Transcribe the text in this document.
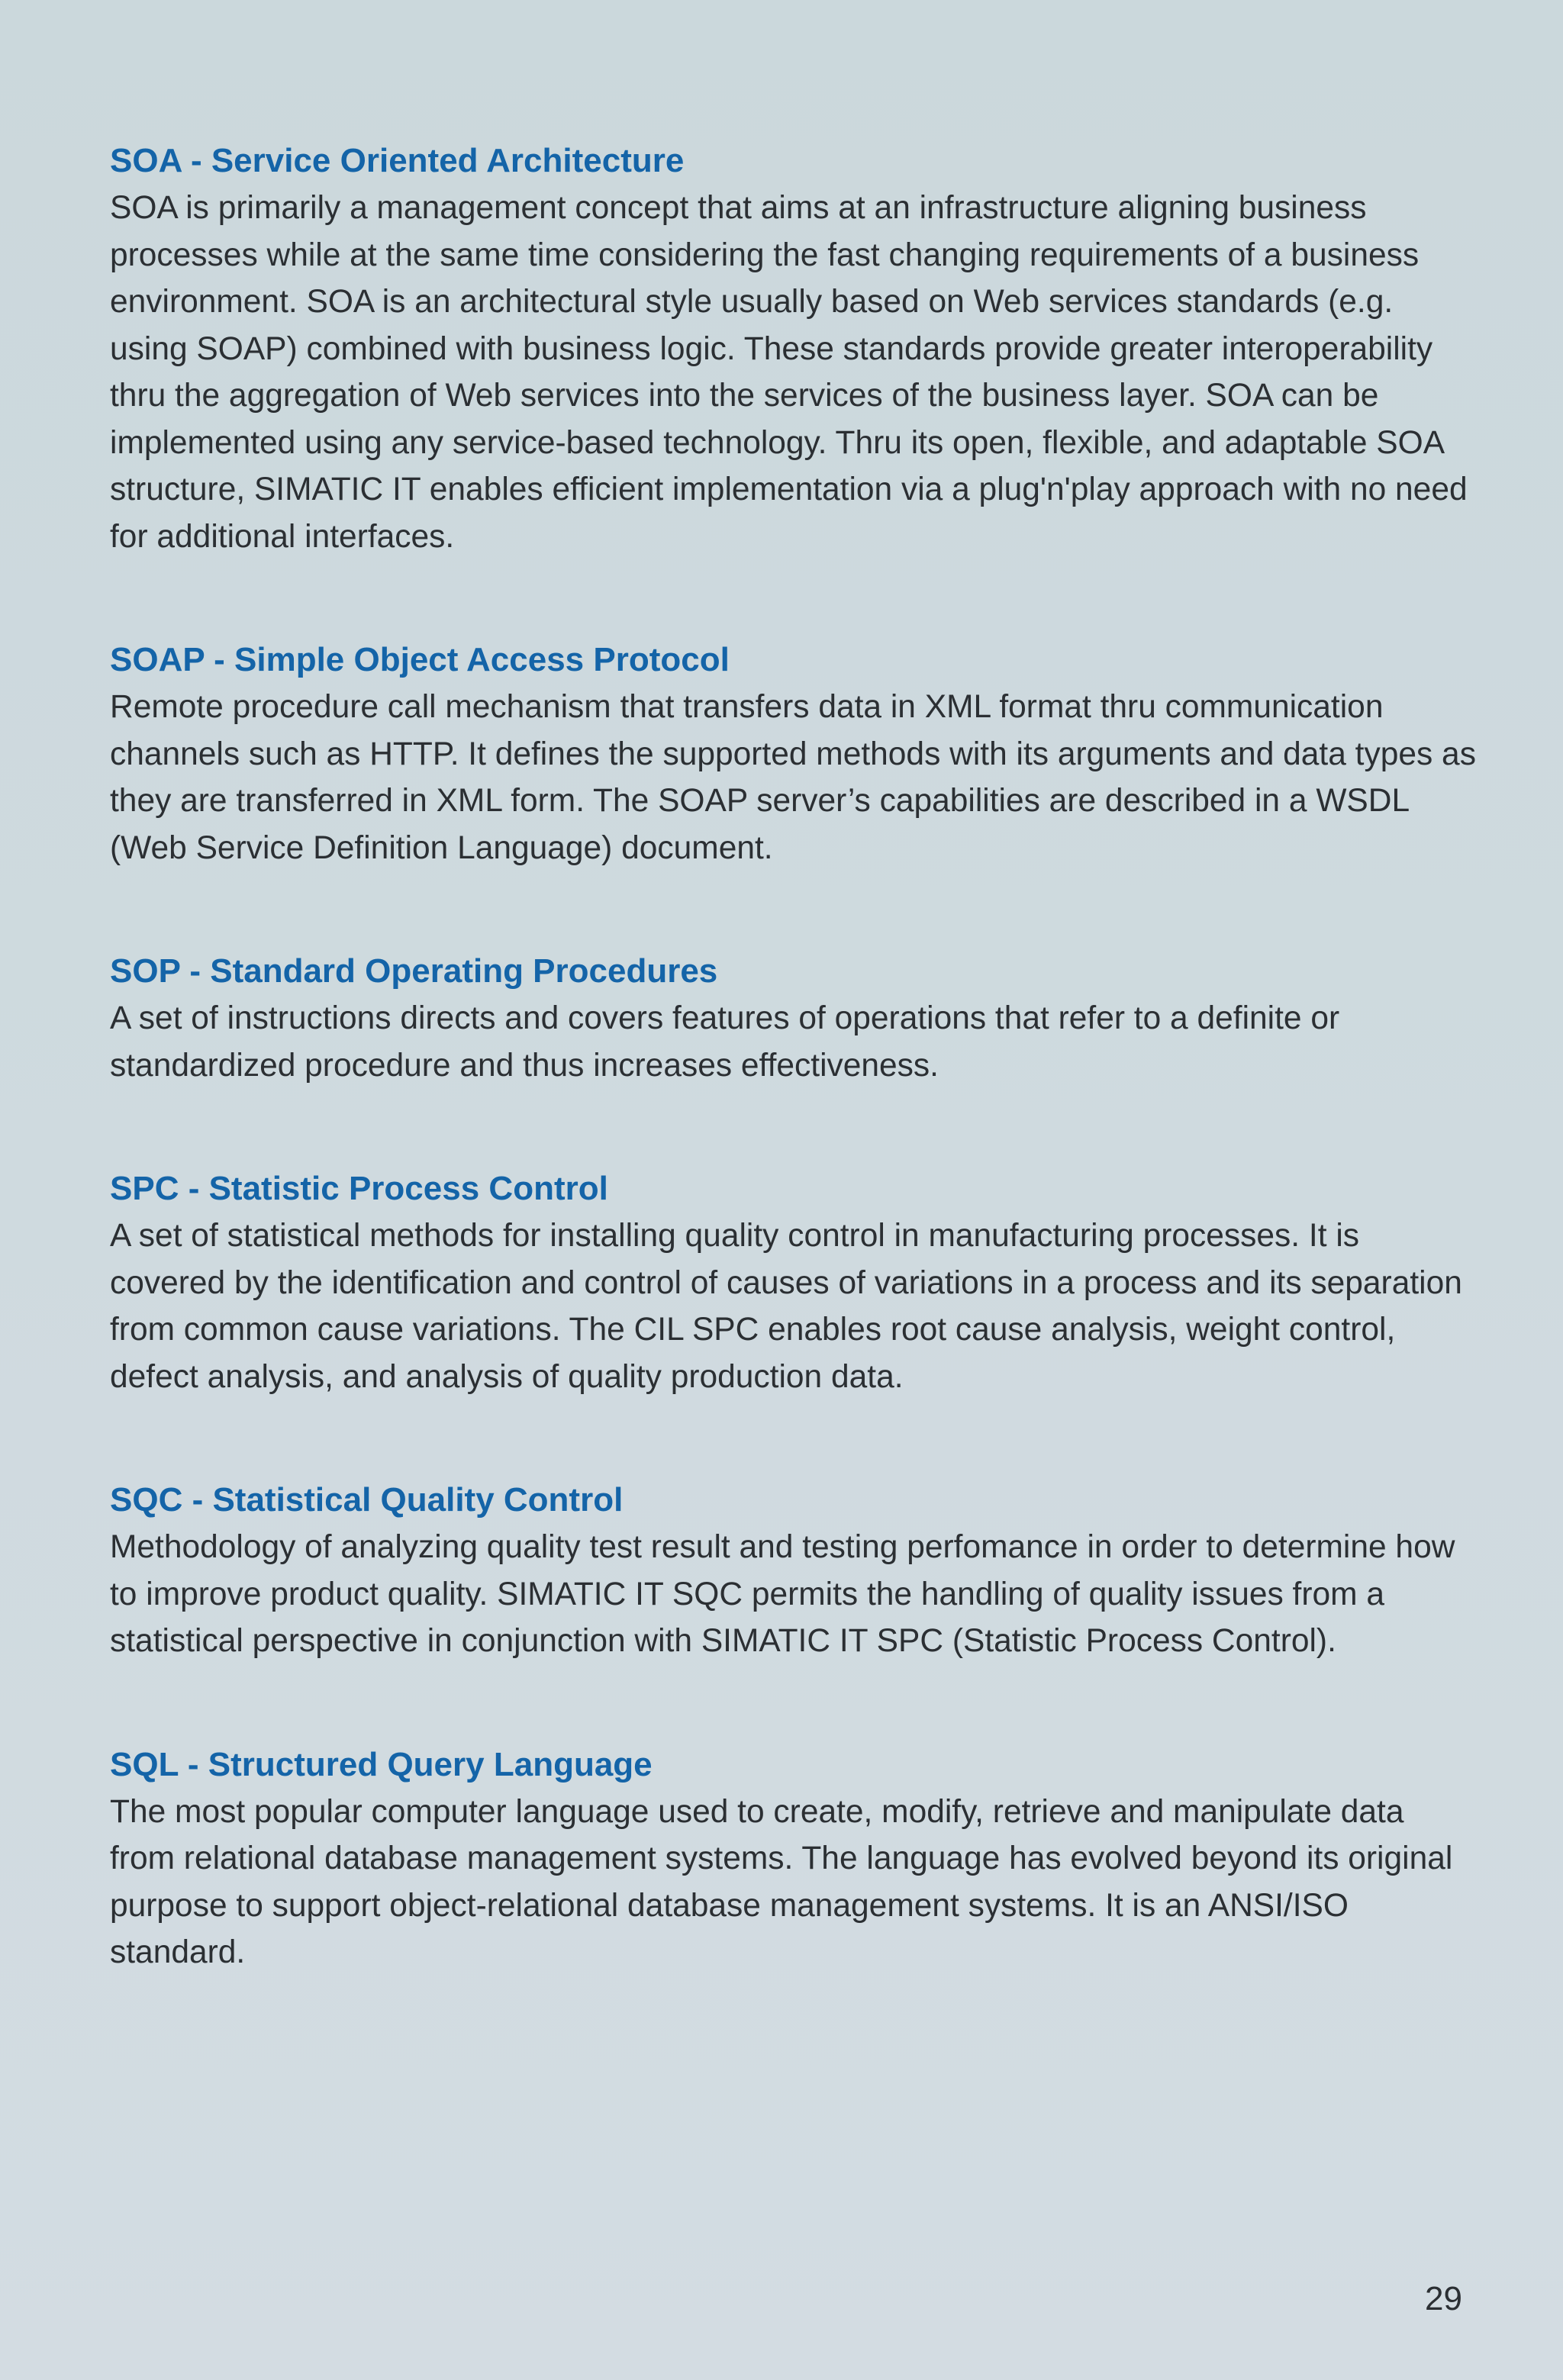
SOA - Service Oriented Architecture

SOA is primarily a management concept that aims at an infrastructure aligning business processes while at the same time considering the fast changing requirements of a business environment. SOA is an architectural style usually based on Web services standards (e.g. using SOAP) combined with business logic. These standards provide greater interoperability thru the aggregation of Web services into the services of the business layer. SOA can be implemented using any service-based technology. Thru its open, flexible, and adaptable SOA structure, SIMATIC IT enables efficient implementation via a plug'n'play approach with no need for additional interfaces.

SOAP - Simple Object Access Protocol

Remote procedure call mechanism that transfers data in XML format thru communication channels such as HTTP. It defines the supported methods with its arguments and data types as they are transferred in XML form. The SOAP server’s capabilities are described in a WSDL (Web Service Definition Language) document.

SOP - Standard Operating Procedures

A set of instructions directs and covers features of operations that refer to a definite or standardized procedure and thus increases effectiveness.

SPC - Statistic Process Control

A set of statistical methods for installing quality control in manufacturing processes. It is covered by the identification and control of causes of variations in a process and its separation from common cause variations. The CIL SPC enables root cause analysis, weight control, defect analysis, and analysis of quality production data.

SQC - Statistical Quality Control

Methodology of analyzing quality test result and testing perfomance in order to determine how to improve product quality. SIMATIC IT SQC permits the handling of quality issues from a statistical perspective in conjunction with SIMATIC IT SPC (Statistic Process Control).

SQL - Structured Query Language

The most popular computer language used to create, modify, retrieve and manipulate data from relational database management systems. The language has evolved beyond its original purpose to support object-relational database management systems. It is an ANSI/ISO standard.

29
